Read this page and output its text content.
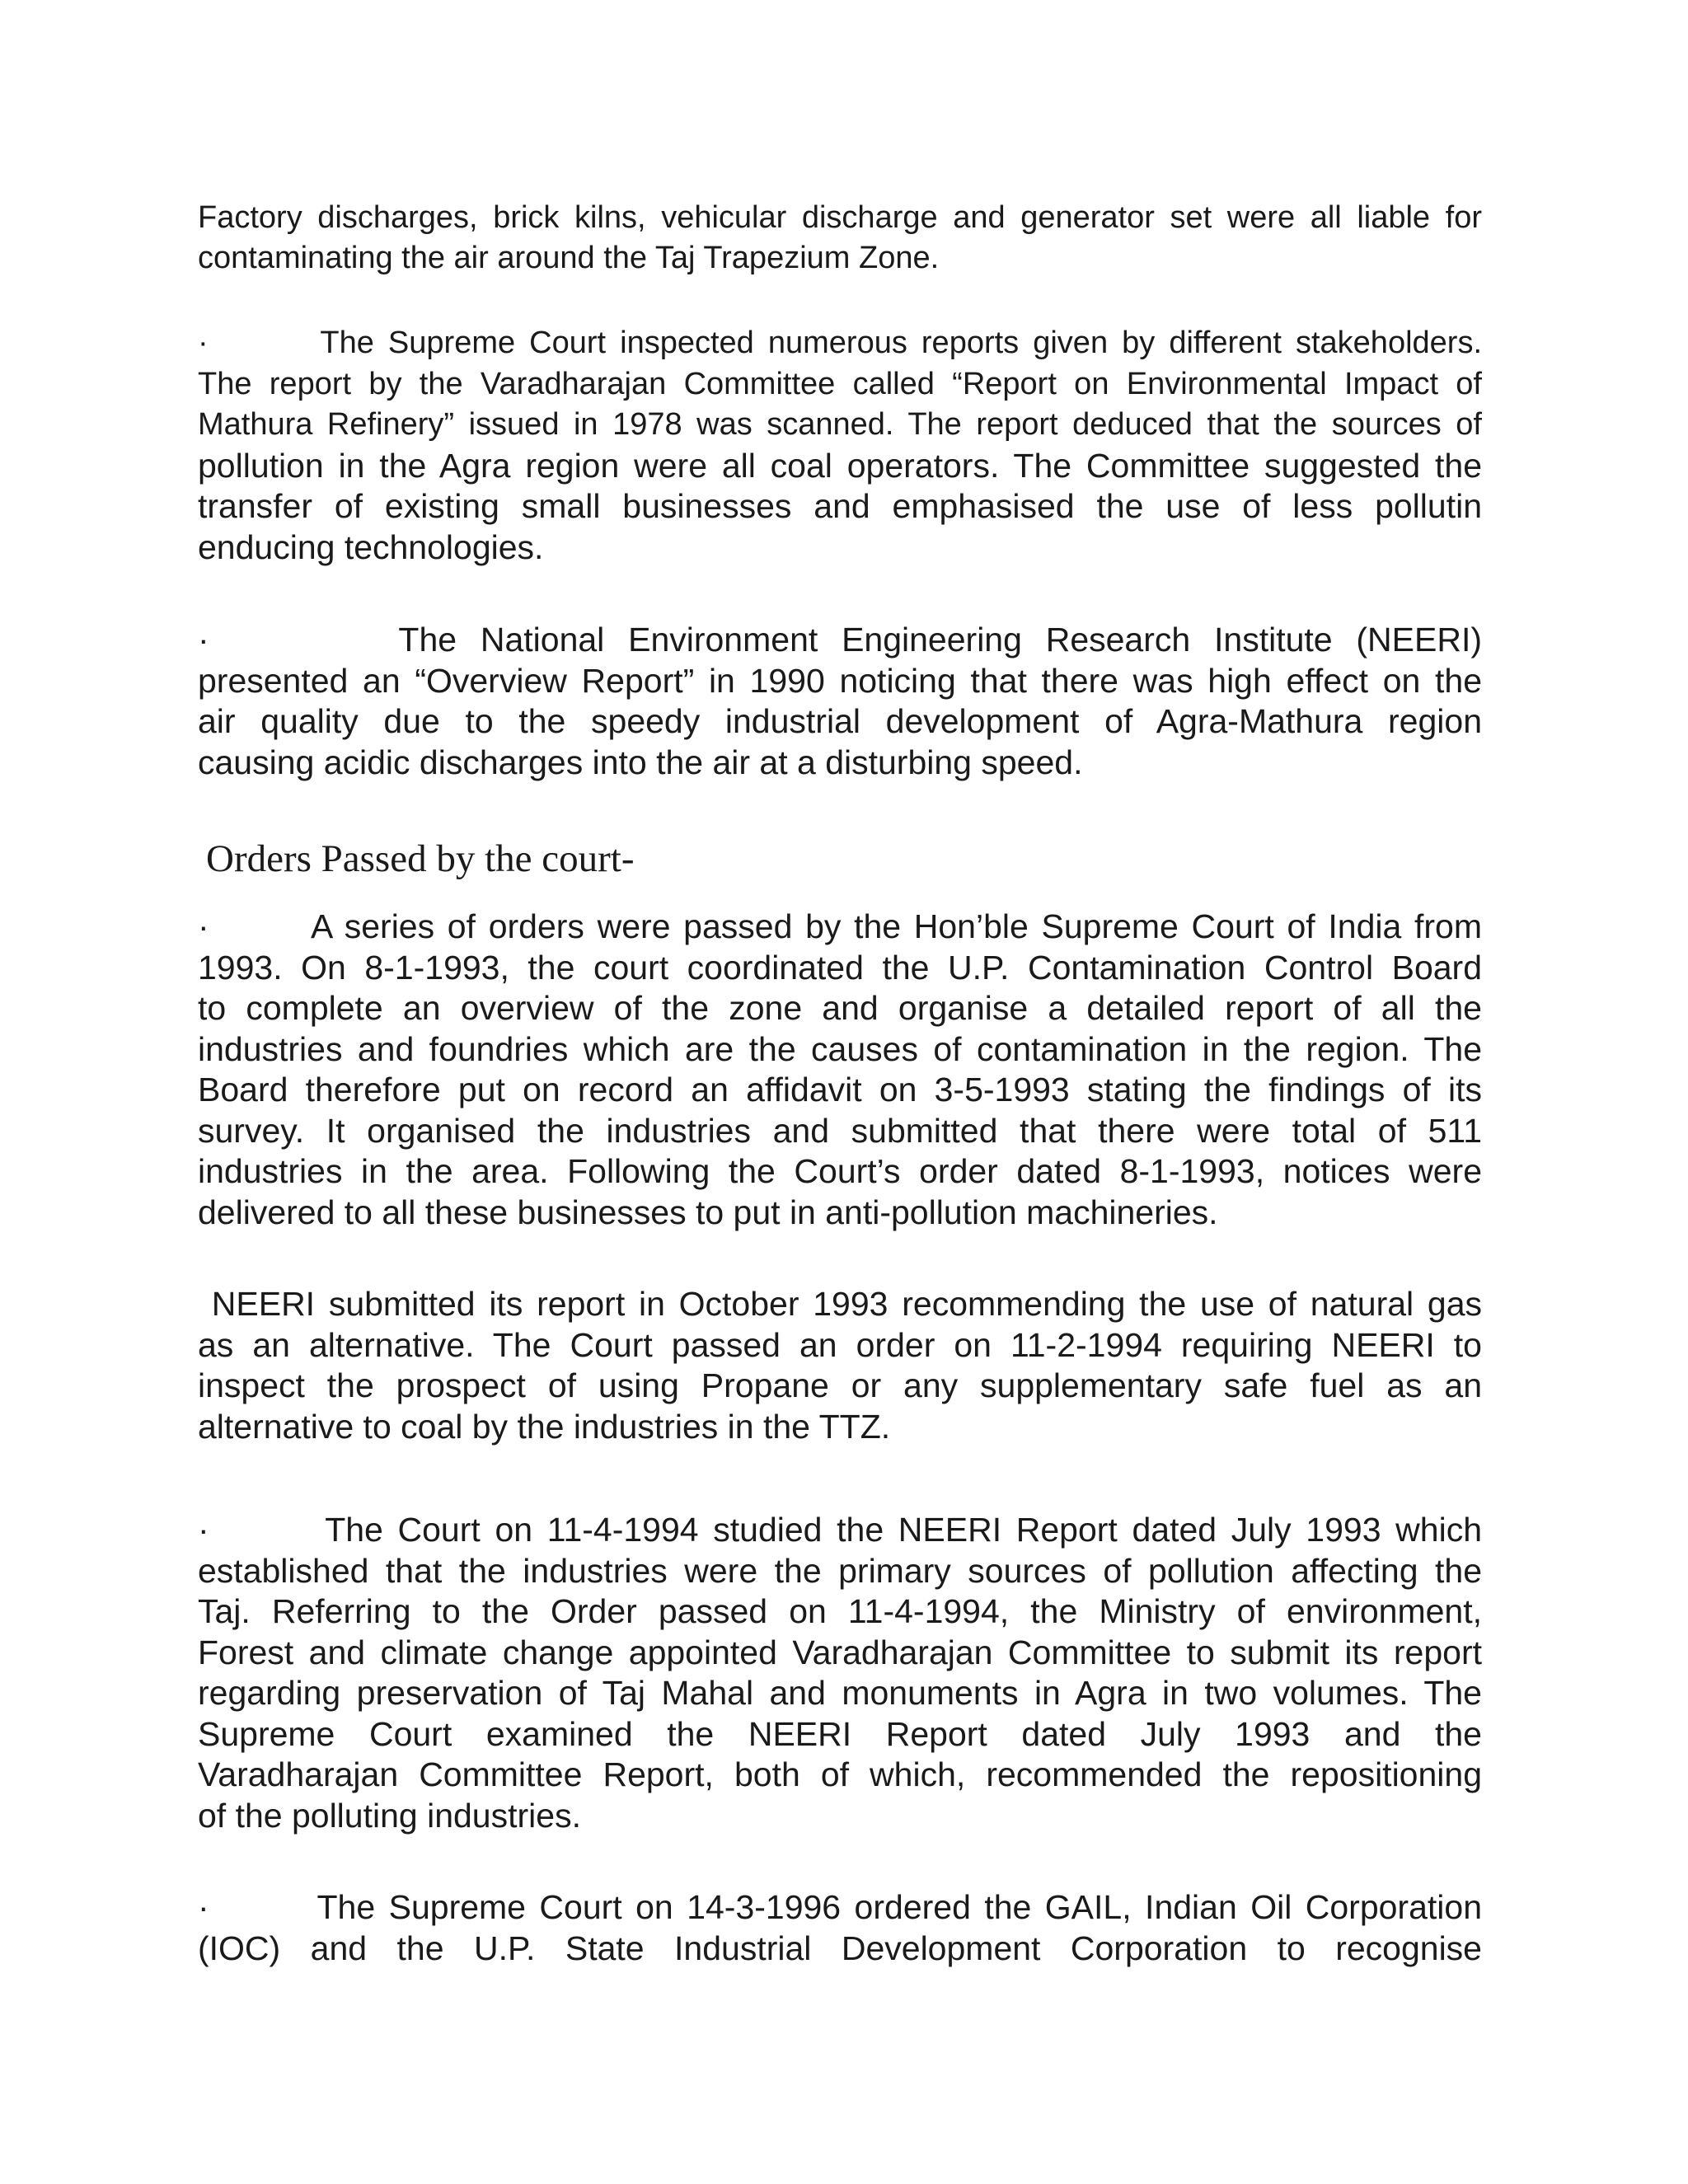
Factory discharges, brick kilns, vehicular discharge and generator set were all liable for
contaminating the air around the Taj Trapezium Zone.

·        The Supreme Court inspected numerous reports given by different stakeholders.
The report by the Varadharajan Committee called “Report on Environmental Impact of
Mathura Refinery” issued in 1978 was scanned. The report deduced that the sources of
pollution in the Agra region were all coal operators. The Committee suggested the
transfer of existing small businesses and emphasised the use of less pollutin
enducing technologies.

·        The National Environment Engineering Research Institute (NEERI)
presented an “Overview Report” in 1990 noticing that there was high effect on the
air quality due to the speedy industrial development of Agra-Mathura region
causing acidic discharges into the air at a disturbing speed.

Orders Passed by the court-

·        A series of orders were passed by the Hon’ble Supreme Court of India from
1993. On 8-1-1993, the court coordinated the U.P. Contamination Control Board
to complete an overview of the zone and organise a detailed report of all the
industries and foundries which are the causes of contamination in the region. The
Board therefore put on record an affidavit on 3-5-1993 stating the findings of its
survey. It organised the industries and submitted that there were total of 511
industries in the area. Following the Court’s order dated 8-1-1993, notices were
delivered to all these businesses to put in anti-pollution machineries.

NEERI submitted its report in October 1993 recommending the use of natural gas
as an alternative. The Court passed an order on 11-2-1994 requiring NEERI to
inspect the prospect of using Propane or any supplementary safe fuel as an
alternative to coal by the industries in the TTZ.

·        The Court on 11-4-1994 studied the NEERI Report dated July 1993 which
established that the industries were the primary sources of pollution affecting the
Taj. Referring to the Order passed on 11-4-1994, the Ministry of environment,
Forest and climate change appointed Varadharajan Committee to submit its report
regarding preservation of Taj Mahal and monuments in Agra in two volumes. The
Supreme Court examined the NEERI Report dated July 1993 and the
Varadharajan Committee Report, both of which, recommended the repositioning
of the polluting industries.

·        The Supreme Court on 14-3-1996 ordered the GAIL, Indian Oil Corporation
(IOC) and the U.P. State Industrial Development Corporation to recognise
